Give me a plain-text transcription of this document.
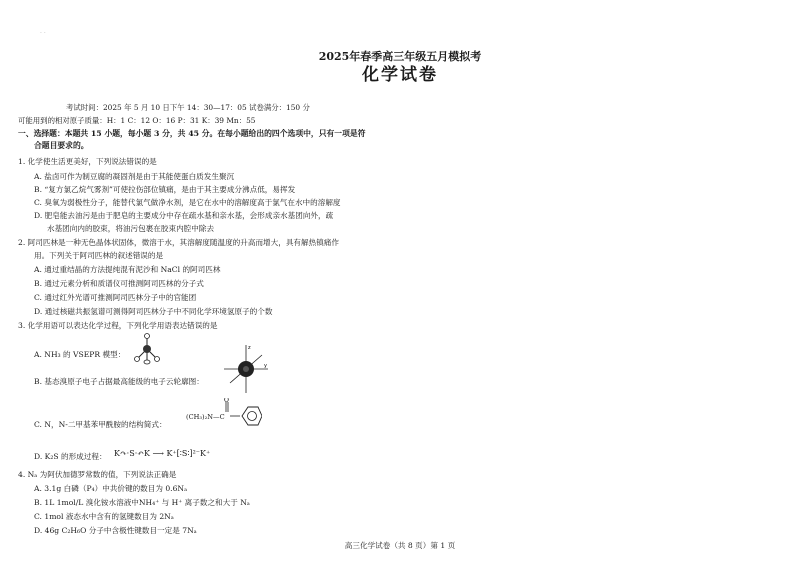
· ·
2025年春季高三年级五月模拟考
化学试卷
考试时间：2025 年 5 月 10 日下午 14：30—17：05 试卷满分：150 分
可能用到的相对原子质量：H：1 C：12 O：16 P：31 K：39 Mn：55
一、选择题：本题共 15 小题，每小题 3 分，共 45 分。在每小题给出的四个选项中，只有一项是符
合题目要求的。
1. 化学使生活更美好，下列说法错误的是
A. 盐卤可作为制豆腐的凝固剂是由于其能使蛋白质发生聚沉
B. “复方氯乙烷气雾剂”可使拉伤部位镇痛，是由于其主要成分沸点低，易挥发
C. 臭氧为弱极性分子，能替代氯气做净水剂，是它在水中的溶解度高于氯气在水中的溶解度
D. 肥皂能去油污是由于肥皂的主要成分中存在疏水基和亲水基，会形成亲水基团向外，疏
水基团向内的胶束，将油污包裹在胶束内腔中除去
2. 阿司匹林是一种无色晶体状固体，微溶于水，其溶解度随温度的升高而增大，具有解热镇痛作
用。下列关于阿司匹林的叙述错误的是
A. 通过重结晶的方法提纯混有泥沙和 NaCl 的阿司匹林
B. 通过元素分析和质谱仪可推测阿司匹林的分子式
C. 通过红外光谱可推测阿司匹林分子中的官能团
D. 通过核磁共振氢谱可测得阿司匹林分子中不同化学环境氢原子的个数
3. 化学用语可以表达化学过程，下列化学用语表达错误的是
A. NH₃ 的 VSEPR 模型：
B. 基态溴原子电子占据最高能级的电子云轮廓图：
y
z
C. N，N-二甲基苯甲酰胺的结构简式：
(CH₃)₂N—C
O
D. K₂S 的形成过程： K↷·S·↶K ⟶ K⁺[∶S∶]²⁻K⁺
4. Nₐ 为阿伏加德罗常数的值，下列说法正确是
A. 3.1g 白磷（P₄）中共价键的数目为 0.6Nₐ
B. 1L 1mol/L 溴化铵水溶液中NH₄⁺ 与 H⁺ 离子数之和大于 Nₐ
C. 1mol 液态水中含有的氢键数目为 2Nₐ
D. 46g C₂H₆O 分子中含极性键数目一定是 7Nₐ
高三化学试卷（共 8 页）第 1 页
